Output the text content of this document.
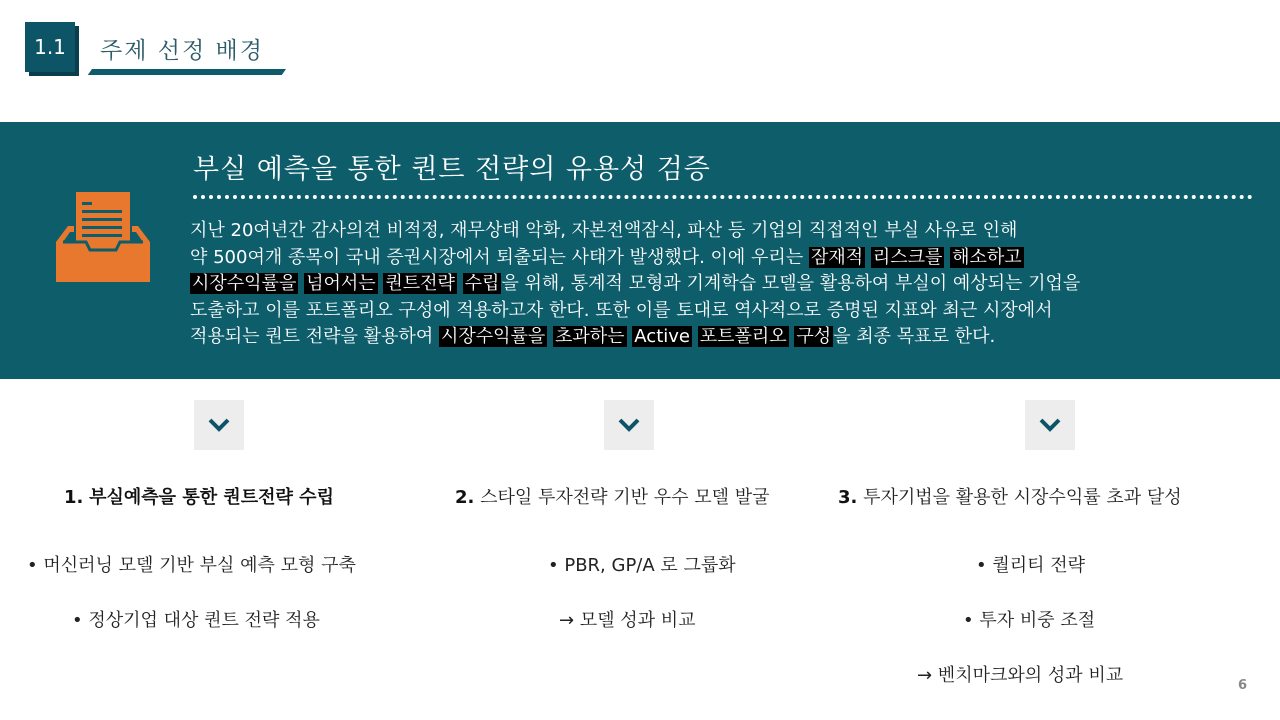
1.1 주제 선정 배경
부실 예측을 통한 퀀트 전략의 유용성 검증
지난 20여년간 감사의견 비적정, 재무상태 악화, 자본전액잠식, 파산 등 기업의 직접적인 부실 사유로 인해
약 500여개 종목이 국내 증권시장에서 퇴출되는 사태가 발생했다. 이에 우리는 잠재적 리스크를 해소하고
시장수익률을 넘어서는 퀀트전략 수립 을 위해, 통계적 모형과 기계학습 모델을 활용하여 부실이 예상되는 기업을
도출하고 이를 포트폴리오 구성에 적용하고자 한다. 또한 이를 토대로 역사적으로 증명된 지표와 최근 시장에서
적용되는 퀀트 전략을 활용하여 시장수익률을 초과하는 Active 포트폴리오 구성 을 최종 목표로 한다.
1. 부실예측을 통한 퀀트전략 수립
• 머신러닝 모델 기반 부실 예측 모형 구축
• 정상기업 대상 퀀트 전략 적용
2. 스타일 투자전략 기반 우수 모델 발굴
• PBR, GP/A 로 그룹화
→ 모델 성과 비교
3. 투자기법을 활용한 시장수익률 초과 달성
• 퀄리티 전략
• 투자 비중 조절
→ 벤치마크와의 성과 비교	6
